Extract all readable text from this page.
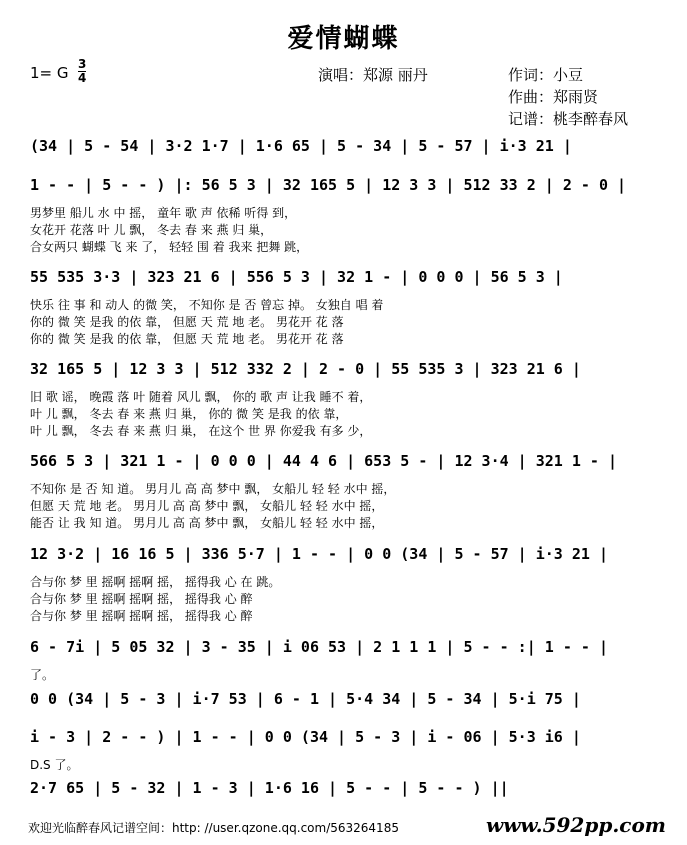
爱情蝴蝶
1= G 3
4	演唱：郑源 丽丹	作词：小豆
作曲：郑雨贤
记谱：桃李醉春风
(34 | 5 - 54 | 3·2 1·7 | 1·6 65 | 5 - 34 | 5 - 57 | i·3 21 |
1 - - | 5 - - ) |: 56 5 3 | 32 165 5 | 12 3 3 | 512 33 2 | 2 - 0 |
男梦里 船儿 水 中 摇， 童年 歌 声 依稀 听得 到，
女花开 花落 叶 儿 飘， 冬去 春 来 燕 归 巢，
合女两只 蝴蝶 飞 来 了， 轻轻 围 着 我来 把舞 跳，
55 535 3·3 | 323 21 6 | 556 5 3 | 32 1 - | 0 0 0 | 56 5 3 |
快乐 往 事 和 动人 的微 笑， 不知你 是 否 曾忘 掉。 女独自 唱 着
你的 微 笑 是我 的依 靠， 但愿 天 荒 地 老。 男花开 花 落
你的 微 笑 是我 的依 靠， 但愿 天 荒 地 老。 男花开 花 落
32 165 5 | 12 3 3 | 512 332 2 | 2 - 0 | 55 535 3 | 323 21 6 |
旧 歌 谣， 晚霞 落 叶 随着 风儿 飘， 你的 歌 声 让我 睡不 着，
叶 儿 飘， 冬去 春 来 燕 归 巢， 你的 微 笑 是我 的依 靠，
叶 儿 飘， 冬去 春 来 燕 归 巢， 在这个 世 界 你爱我 有多 少，
566 5 3 | 321 1 - | 0 0 0 | 44 4 6 | 653 5 - | 12 3·4 | 321 1 - |
不知你 是 否 知 道。 男月儿 高 高 梦中 飘， 女船儿 轻 轻 水中 摇，
但愿 天 荒 地 老。 男月儿 高 高 梦中 飘， 女船儿 轻 轻 水中 摇，
能否 让 我 知 道。 男月儿 高 高 梦中 飘， 女船儿 轻 轻 水中 摇，
12 3·2 | 16 16 5 | 336 5·7 | 1 - - | 0 0 (34 | 5 - 57 | i·3 21 |
合与你 梦 里 摇啊 摇啊 摇， 摇得我 心 在 跳。
合与你 梦 里 摇啊 摇啊 摇， 摇得我 心 醉
合与你 梦 里 摇啊 摇啊 摇， 摇得我 心 醉
6 - 7i | 5 05 32 | 3 - 35 | i 06 53 | 2 1 1 1 | 5 - - :| 1 - - |
了。
0 0 (34 | 5 - 3 | i·7 53 | 6 - 1 | 5·4 34 | 5 - 34 | 5·i 75 |
i - 3 | 2 - - ) | 1 - - | 0 0 (34 | 5 - 3 | i - 06 | 5·3 i6 |
D.S 了。
2·7 65 | 5 - 32 | 1 - 3 | 1·6 16 | 5 - - | 5 - - ) ||
欢迎光临醉春风记谱空间：http: //user.qzone.qq.com/563264185	www.592pp.com
